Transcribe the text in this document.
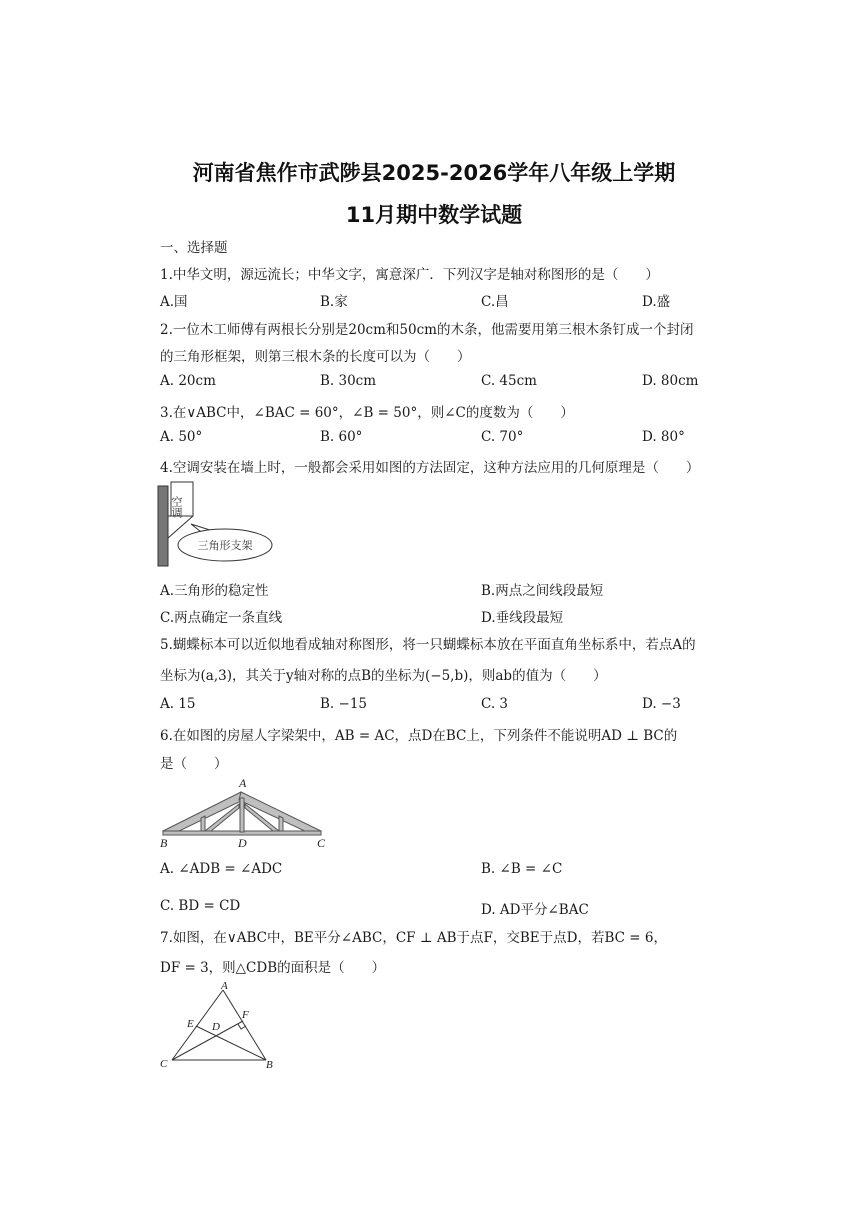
河南省焦作市武陟县2025-2026学年八年级上学期
11月期中数学试题
一、选择题
1.中华文明，源远流长；中华文字，寓意深广．下列汉字是轴对称图形的是（　　）
A.国	B.家	C.昌	D.盛
2.一位木工师傅有两根长分别是20cm和50cm的木条，他需要用第三根木条钉成一个封闭
的三角形框架，则第三根木条的长度可以为（　　）
A. 20cm	B. 30cm	C. 45cm	D. 80cm
3.在∨ABC中，∠BAC = 60°，∠B = 50°，则∠C的度数为（　　）
A. 50°	B. 60°	C. 70°	D. 80°
4.空调安装在墙上时，一般都会采用如图的方法固定，这种方法应用的几何原理是（　　）
空调
三角形支架
A.三角形的稳定性	B.两点之间线段最短
C.两点确定一条直线	D.垂线段最短
5.蝴蝶标本可以近似地看成轴对称图形，将一只蝴蝶标本放在平面直角坐标系中，若点A的
坐标为(a,3)，其关于y轴对称的点B的坐标为(−5,b)，则ab的值为（　　）
A. 15	B. −15	C. 3	D. −3
6.在如图的房屋人字梁架中，AB = AC，点D在BC上，下列条件不能说明AD ⊥ BC的
是（　　）
A
B	D	C
A. ∠ADB = ∠ADC	B. ∠B = ∠C
C. BD = CD	D. AD平分∠BAC
7.如图，在∨ABC中，BE平分∠ABC，CF ⊥ AB于点F，交BE于点D，若BC = 6，
DF = 3，则△CDB的面积是（　　）
A
E
F
D
C	B
